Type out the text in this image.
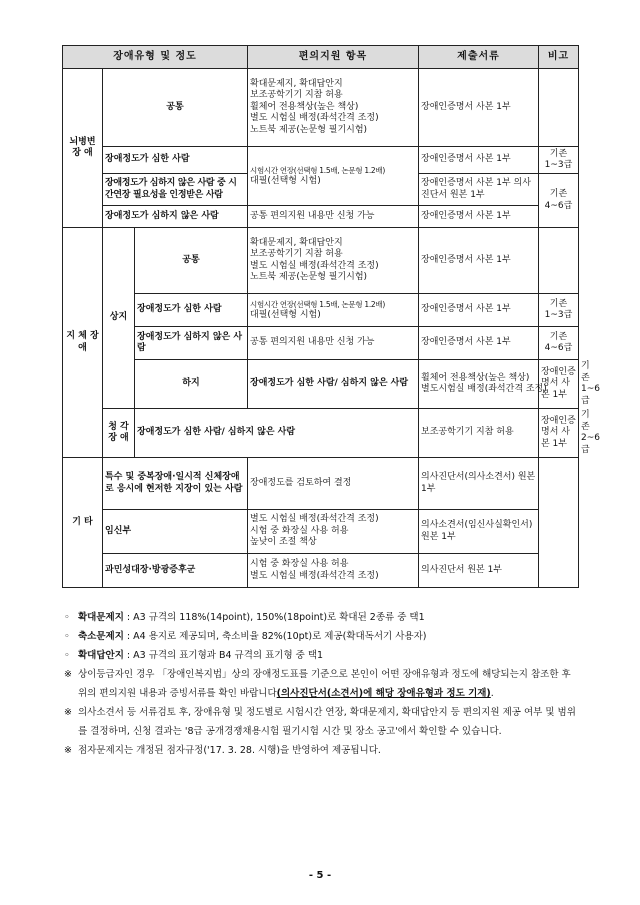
장애유형 및 정도			편의지원 항목	제출서류	비고	
뇌병변 장 애	공통		확대문제지, 확대답안지
보조공학기기 지참 허용
휠체어 전용책상(높은 책상)
별도 시험실 배정(좌석간격 조정)
노트북 제공(논문형 필기시험)	장애인증명서 사본 1부		
	장애정도가 심한 사람		시험시간 연장(선택형 1.5배, 논문형 1.2배)
대필(선택형 시험)	장애인증명서 사본 1부	기존 1~3급	
	장애정도가 심하지 않은 사람 중 시간연장 필요성을 인정받은 사람			장애인증명서 사본 1부 의사진단서 원본 1부	기존 4~6급	
	장애정도가 심하지 않은 사람		공통 편의지원 내용만 신청 가능	장애인증명서 사본 1부		
지 체 장 애	상지	공통	확대문제지, 확대답안지
보조공학기기 지참 허용
별도 시험실 배정(좌석간격 조정)
노트북 제공(논문형 필기시험)	장애인증명서 사본 1부		
		장애정도가 심한 사람	시험시간 연장(선택형 1.5배, 논문형 1.2배)
대필(선택형 시험)	장애인증명서 사본 1부	기존 1~3급	
		장애정도가 심하지 않은 사람	공통 편의지원 내용만 신청 가능	장애인증명서 사본 1부	기존 4~6급	
		하지	장애정도가 심한 사람/ 심하지 않은 사람	휠체어 전용책상(높은 책상)
별도시험실 배정(좌석간격 조정)	장애인증명서 사본 1부	기존 1~6급
	청 각 장 애	장애정도가 심한 사람/ 심하지 않은 사람		보조공학기기 지참 허용	장애인증명서 사본 1부	기존 2~6급
기 타	특수 및 중복장애·일시적 신체장애로 응시에 현저한 지장이 있는 사람		장애정도를 검토하여 결정	의사진단서(의사소견서) 원본 1부		
	임신부		별도 시험실 배정(좌석간격 조정)
시험 중 화장실 사용 허용
높낮이 조절 책상	의사소견서(임신사실확인서) 원본 1부		
	과민성대장·방광증후군		시험 중 화장실 사용 허용
별도 시험실 배정(좌석간격 조정)	의사진단서 원본 1부		
◦ 확대문제지 : A3 규격의 118%(14point), 150%(18point)로 확대된 2종류 중 택1
◦ 축소문제지 : A4 용지로 제공되며, 축소비율 82%(10pt)로 제공(확대독서기 사용자)
◦ 확대답안지 : A3 규격의 표기형과 B4 규격의 표기형 중 택1
※ 상이등급자인 경우 「장애인복지법」상의 장애정도표를 기준으로 본인이 어떤 장애유형과 정도에 해당되는지 참조한 후 위의 편의지원 내용과 증빙서류를 확인 바랍니다(의사진단서(소견서)에 해당 장애유형과 정도 기재).
※ 의사소견서 등 서류검토 후, 장애유형 및 정도별로 시험시간 연장, 확대문제지, 확대답안지 등 편의지원 제공 여부 및 범위를 결정하며, 신청 결과는 '8급 공개경쟁채용시험 필기시험 시간 및 장소 공고'에서 확인할 수 있습니다.
※ 점자문제지는 개정된 점자규정('17. 3. 28. 시행)을 반영하여 제공됩니다.
- 5 -
